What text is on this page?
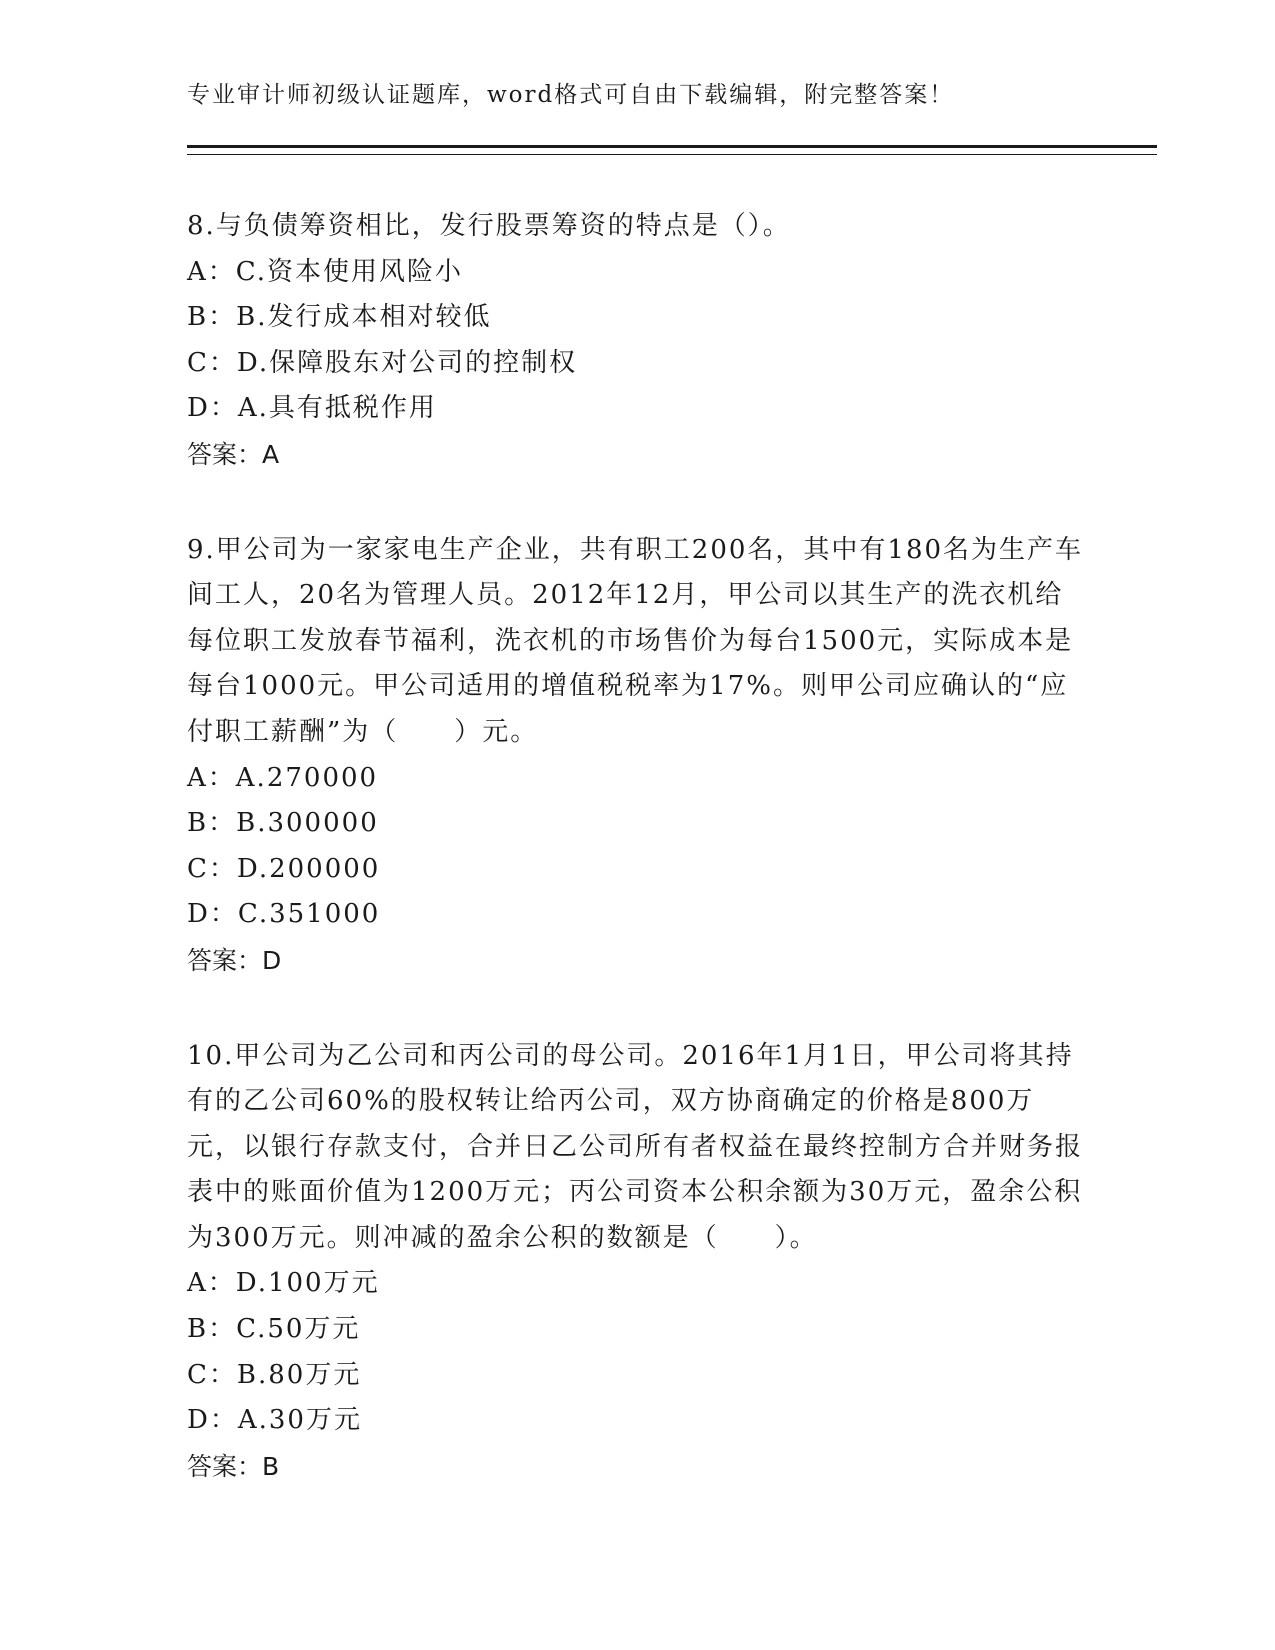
专业审计师初级认证题库，word格式可自由下载编辑，附完整答案！

8.与负债筹资相比，发行股票筹资的特点是（）。

A：C.资本使用风险小

B：B.发行成本相对较低

C：D.保障股东对公司的控制权

D：A.具有抵税作用

答案：A

9.甲公司为一家家电生产企业，共有职工200名，其中有180名为生产车间工人，20名为管理人员。2012年12月，甲公司以其生产的洗衣机给每位职工发放春节福利，洗衣机的市场售价为每台1500元，实际成本是每台1000元。甲公司适用的增值税税率为17%。则甲公司应确认的“应付职工薪酬”为（　　）元。

A：A.270000

B：B.300000

C：D.200000

D：C.351000

答案：D

10.甲公司为乙公司和丙公司的母公司。2016年1月1日，甲公司将其持有的乙公司60%的股权转让给丙公司，双方协商确定的价格是800万元，以银行存款支付，合并日乙公司所有者权益在最终控制方合并财务报表中的账面价值为1200万元；丙公司资本公积余额为30万元，盈余公积为300万元。则冲减的盈余公积的数额是（　　）。

A：D.100万元

B：C.50万元

C：B.80万元

D：A.30万元

答案：B
